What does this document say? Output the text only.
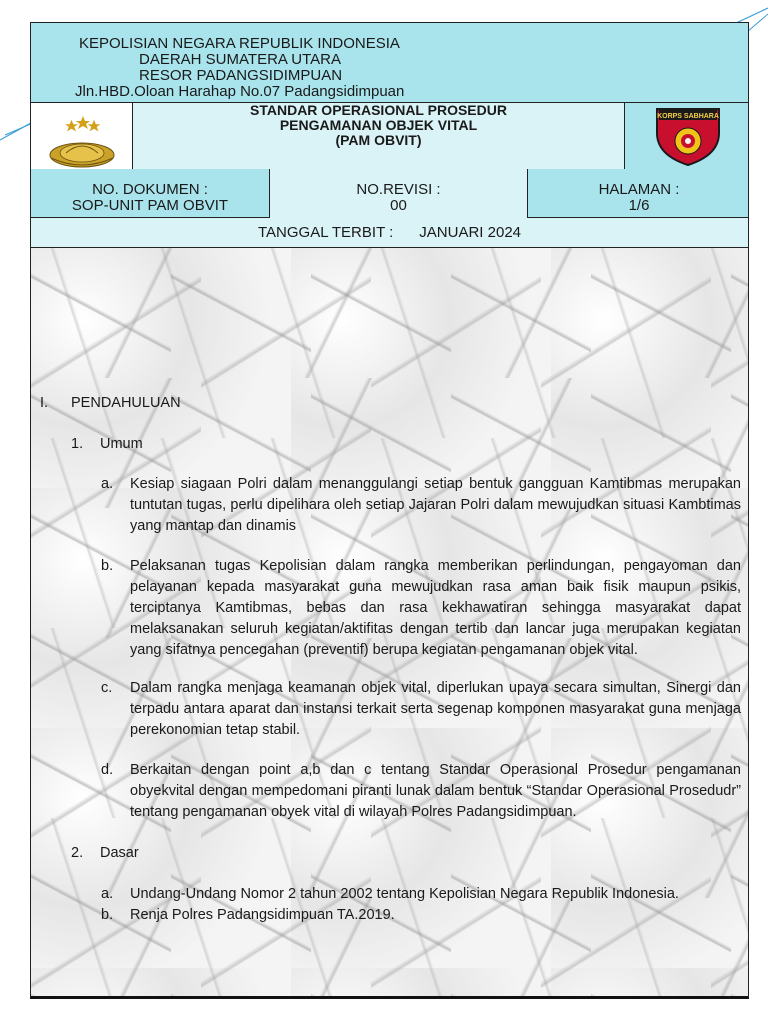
KEPOLISIAN NEGARA REPUBLIK INDONESIA
DAERAH SUMATERA UTARA
RESOR PADANGSIDIMPUAN
Jln.HBD.Oloan Harahap No.07 Padangsidimpuan
STANDAR OPERASIONAL PROSEDUR
PENGAMANAN OBJEK VITAL
(PAM OBVIT)
KORPS SABHARA
NO. DOKUMEN :
SOP-UNIT PAM OBVIT
NO.REVISI :
00
HALAMAN :
1/6
TANGGAL TERBIT : JANUARI 2024
I. PENDAHULUAN
1. Umum
a. Kesiap siagaan Polri dalam menanggulangi setiap bentuk gangguan Kamtibmas merupakan tuntutan tugas, perlu dipelihara oleh setiap Jajaran Polri dalam mewujudkan situasi Kambtimas yang mantap dan dinamis
b. Pelaksanan tugas Kepolisian dalam rangka memberikan perlindungan, pengayoman dan pelayanan kepada masyarakat guna mewujudkan rasa aman baik fisik maupun psikis, terciptanya Kamtibmas, bebas dan rasa kekhawatiran sehingga masyarakat dapat melaksanakan seluruh kegiatan/aktifitas dengan tertib dan lancar juga merupakan kegiatan yang sifatnya pencegahan (preventif) berupa kegiatan pengamanan objek vital.
c. Dalam rangka menjaga keamanan objek vital, diperlukan upaya secara simultan, Sinergi dan terpadu antara aparat dan instansi terkait serta segenap komponen masyarakat guna menjaga perekonomian tetap stabil.
d. Berkaitan dengan point a,b dan c tentang Standar Operasional Prosedur pengamanan obyekvital dengan mempedomani piranti lunak dalam bentuk “Standar Operasional Prosedudr” tentang pengamanan obyek vital di wilayah Polres Padangsidimpuan.
2. Dasar
a. Undang-Undang Nomor 2 tahun 2002 tentang Kepolisian Negara Republik Indonesia.
b. Renja Polres Padangsidimpuan TA.2019.
